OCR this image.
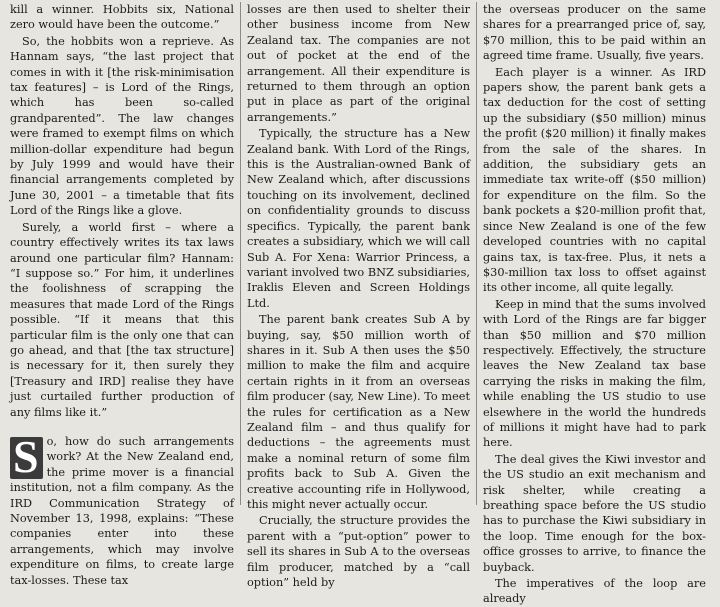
kill a winner. Hobbits six, National zero would have been the outcome.”

So, the hobbits won a reprieve. As Hannam says, “the last project that comes in with it [the risk-minimisation tax features] – is Lord of the Rings, which has been so-called grandparented”. The law changes were framed to exempt films on which million-dollar expenditure had begun by July 1999 and would have their financial arrangements completed by June 30, 2001 – a timetable that fits Lord of the Rings like a glove.

Surely, a world first – where a country effectively writes its tax laws around one particular film? Hannam: “I suppose so.” For him, it underlines the foolishness of scrapping the measures that made Lord of the Rings possible. “If it means that this particular film is the only one that can go ahead, and that [the tax structure] is necessary for it, then surely they [Treasury and IRD] realise they have just curtailed further production of any films like it.”

S o, how do such arrangements work? At the New Zealand end, the prime mover is a financial institution, not a film company. As the IRD Communication Strategy of November 13, 1998, explains: “These companies enter into these arrangements, which may involve expenditure on films, to create large tax-losses. These tax

losses are then used to shelter their other business income from New Zealand tax. The companies are not out of pocket at the end of the arrangement. All their expenditure is returned to them through an option put in place as part of the original arrangements.”

Typically, the structure has a New Zealand bank. With Lord of the Rings, this is the Australian-owned Bank of New Zealand which, after discussions touching on its involvement, declined on confidentiality grounds to discuss specifics. Typically, the parent bank creates a subsidiary, which we will call Sub A. For Xena: Warrior Princess, a variant involved two BNZ subsidiaries, Iraklis Eleven and Screen Holdings Ltd.

The parent bank creates Sub A by buying, say, $50 million worth of shares in it. Sub A then uses the $50 million to make the film and acquire certain rights in it from an overseas film producer (say, New Line). To meet the rules for certification as a New Zealand film – and thus qualify for deductions – the agreements must make a nominal return of some film profits back to Sub A. Given the creative accounting rife in Hollywood, this might never actually occur.

Crucially, the structure provides the parent with a “put-option” power to sell its shares in Sub A to the overseas film producer, matched by a “call option” held by

the overseas producer on the same shares for a prearranged price of, say, $70 million, this to be paid within an agreed time frame. Usually, five years.

Each player is a winner. As IRD papers show, the parent bank gets a tax deduction for the cost of setting up the subsidiary ($50 million) minus the profit ($20 million) it finally makes from the sale of the shares. In addition, the subsidiary gets an immediate tax write-off ($50 million) for expenditure on the film. So the bank pockets a $20-million profit that, since New Zealand is one of the few developed countries with no capital gains tax, is tax-free. Plus, it nets a $30-million tax loss to offset against its other income, all quite legally.

Keep in mind that the sums involved with Lord of the Rings are far bigger than $50 million and $70 million respectively. Effectively, the structure leaves the New Zealand tax base carrying the risks in making the film, while enabling the US studio to use elsewhere in the world the hundreds of millions it might have had to park here.

The deal gives the Kiwi investor and the US studio an exit mechanism and risk shelter, while creating a breathing space before the US studio has to purchase the Kiwi subsidiary in the loop. Time enough for the box-office grosses to arrive, to finance the buyback.

The imperatives of the loop are already
